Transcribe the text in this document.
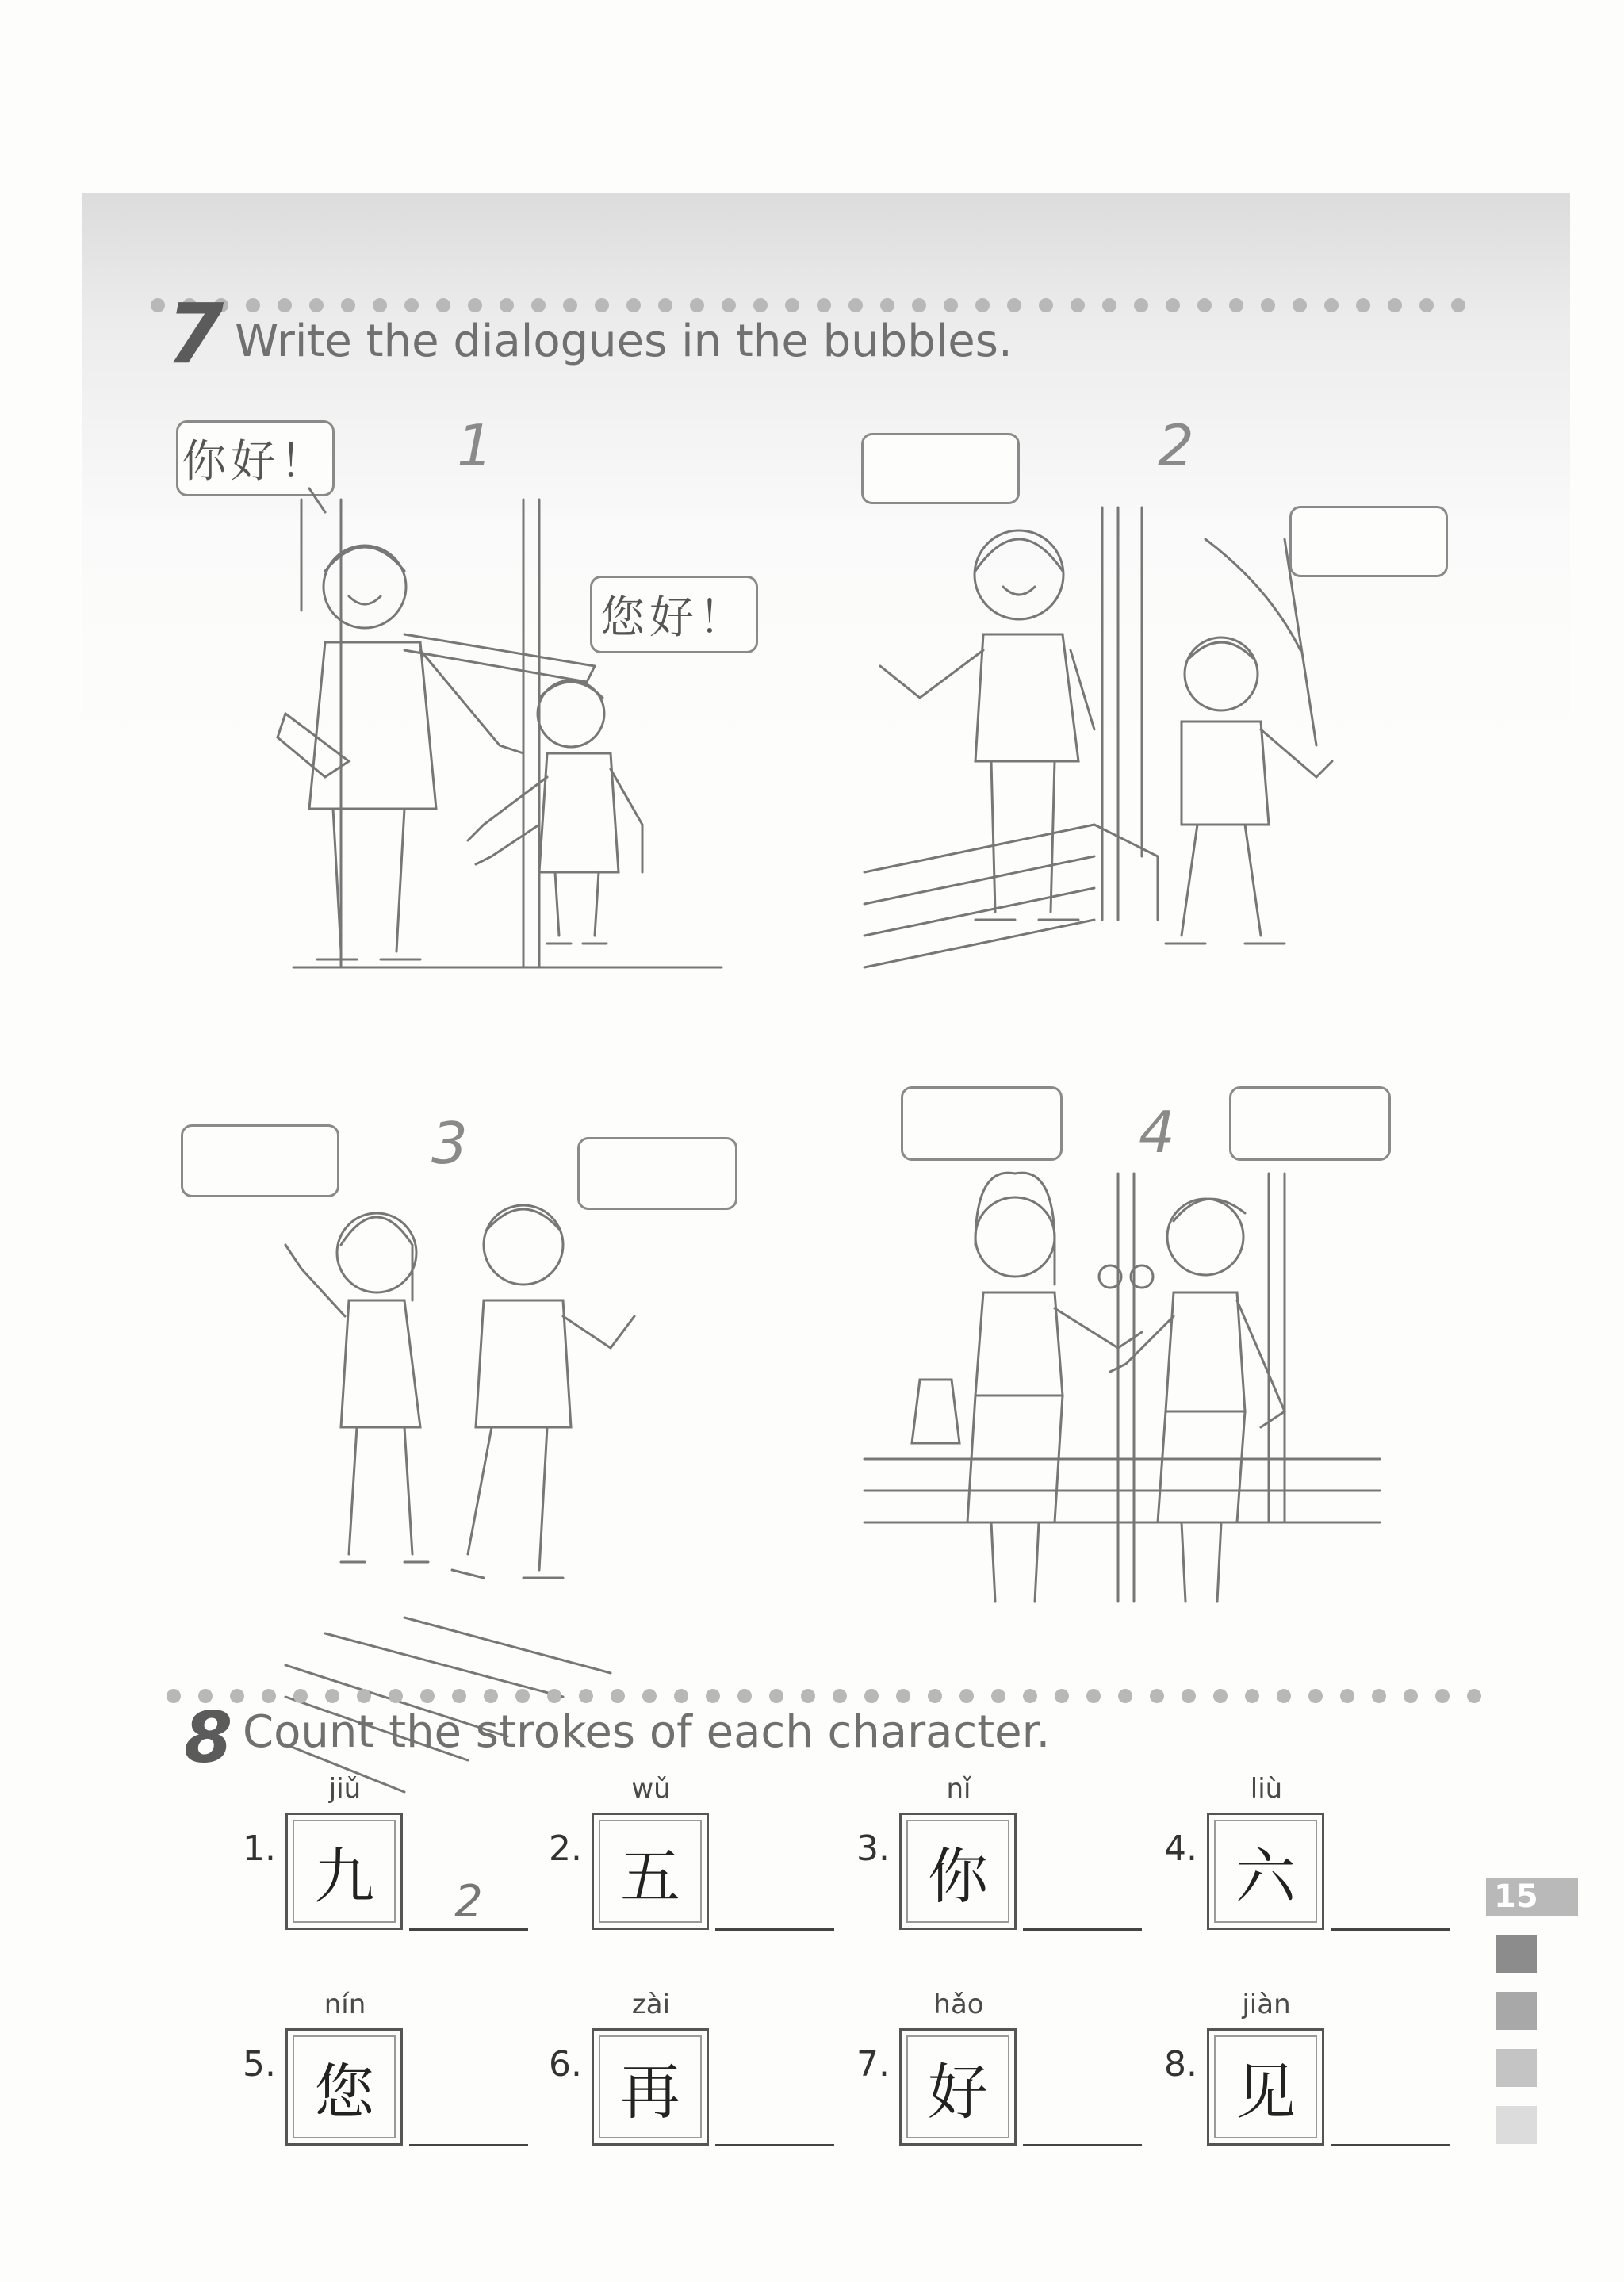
7 Write the dialogues in the bubbles.
你好！
您好！
1	2
3	4
8 Count the strokes of each character.
jiǔ
1. 九	2
wǔ
2. 五
nǐ
3. 你
liù
4. 六
nín
5. 您
zài
6. 再
hǎo
7. 好
jiàn
8. 见
15
